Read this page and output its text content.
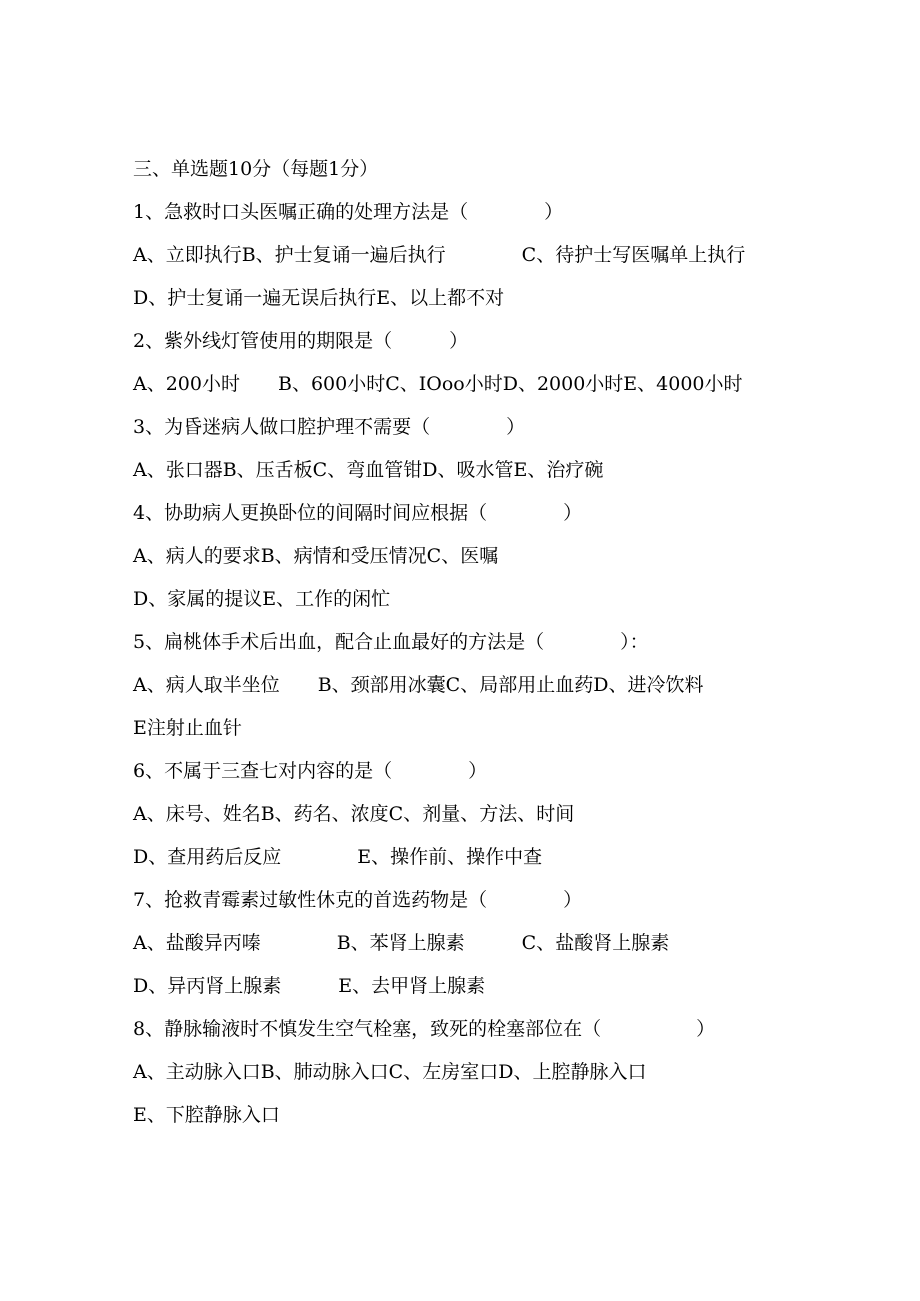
三、单选题10分（每题1分）
1、急救时口头医嘱正确的处理方法是（　　　　）
A、立即执行B、护士复诵一遍后执行　　　　C、待护士写医嘱单上执行
D、护士复诵一遍无误后执行E、以上都不对
2、紫外线灯管使用的期限是（　　　）
A、200小时　　B、600小时C、IOoo小时D、2000小时E、4000小时
3、为昏迷病人做口腔护理不需要（　　　　）
A、张口器B、压舌板C、弯血管钳D、吸水管E、治疗碗
4、协助病人更换卧位的间隔时间应根据（　　　　）
A、病人的要求B、病情和受压情况C、医嘱
D、家属的提议E、工作的闲忙
5、扁桃体手术后出血，配合止血最好的方法是（　　　　）：
A、病人取半坐位　　B、颈部用冰囊C、局部用止血药D、进冷饮料
E注射止血针
6、不属于三查七对内容的是（　　　　）
A、床号、姓名B、药名、浓度C、剂量、方法、时间
D、查用药后反应　　　　E、操作前、操作中查
7、抢救青霉素过敏性休克的首选药物是（　　　　）
A、盐酸异丙嗪　　　　B、苯肾上腺素　　　C、盐酸肾上腺素
D、异丙肾上腺素　　　E、去甲肾上腺素
8、静脉输液时不慎发生空气栓塞，致死的栓塞部位在（　　　　　）
A、主动脉入口B、肺动脉入口C、左房室口D、上腔静脉入口
E、下腔静脉入口
